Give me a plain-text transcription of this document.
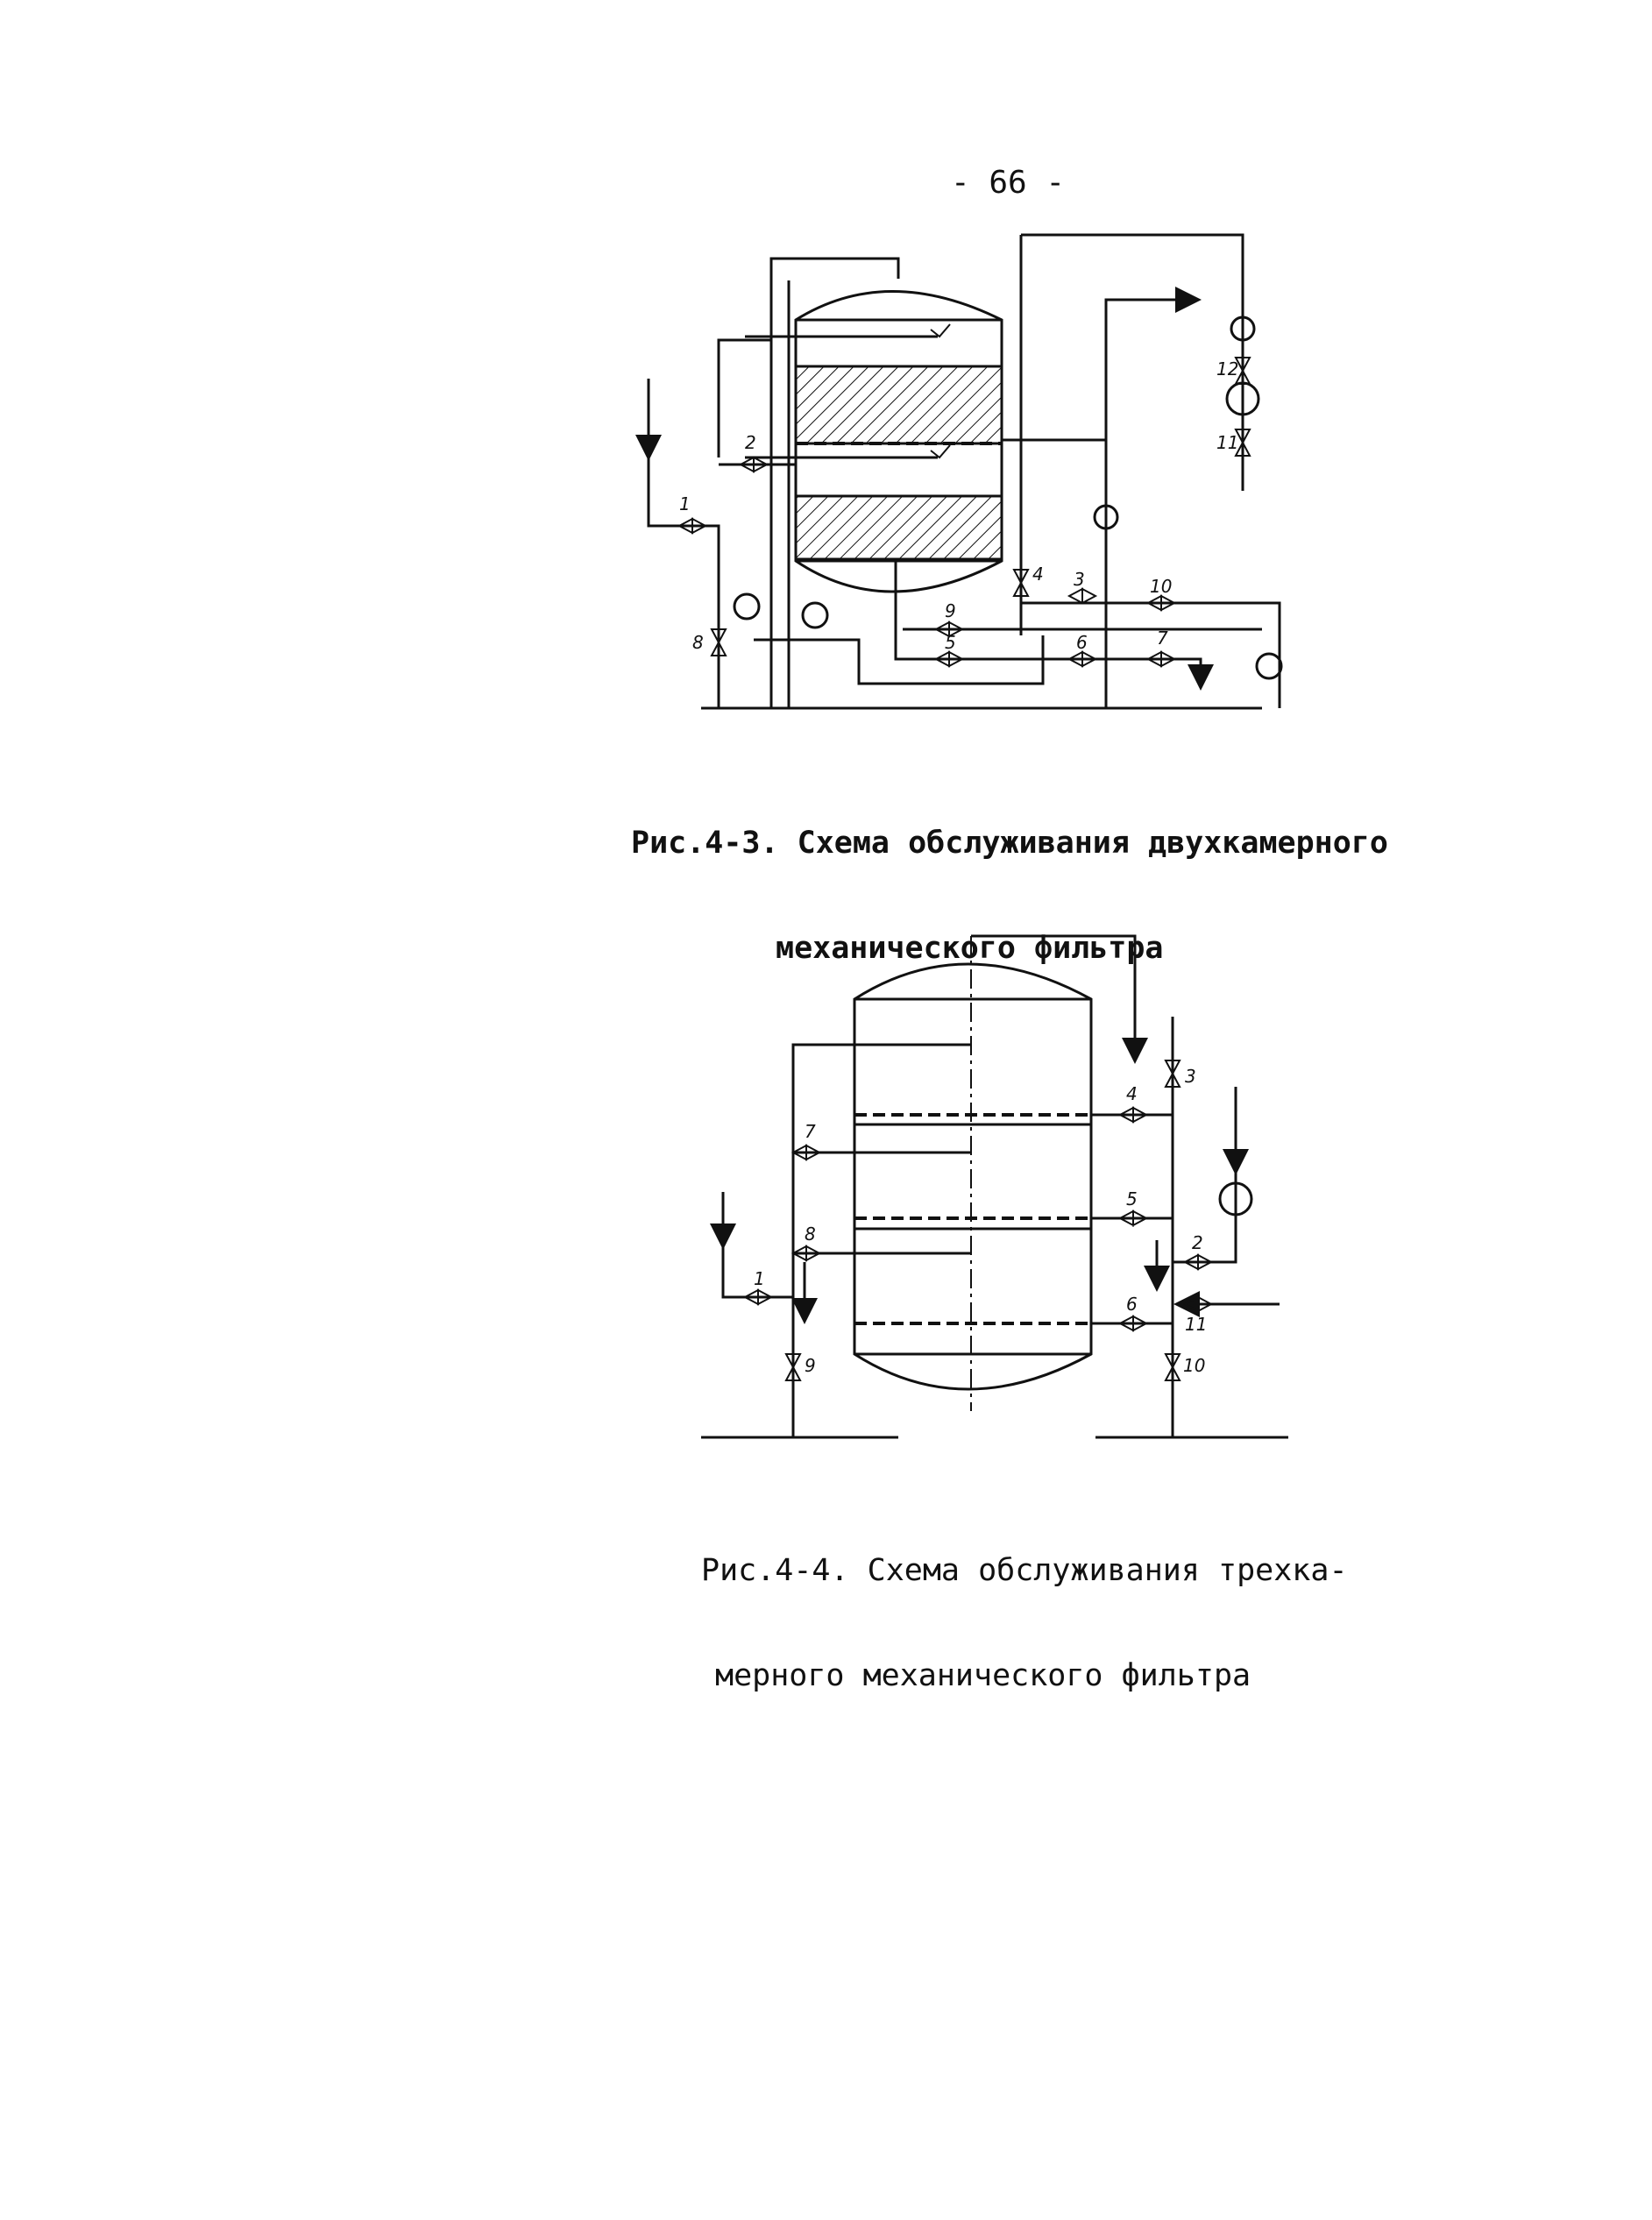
- 66 -
1
2
3
4
5	6	7
8
9
10
11
12
1
2
3
4
5
6
7
8
9	10
11

Рис.4-3. Схема обслуживания двухкамерного

механического фильтра

Рис.4-4. Схема обслуживания трехка-

мерного механического фильтра
